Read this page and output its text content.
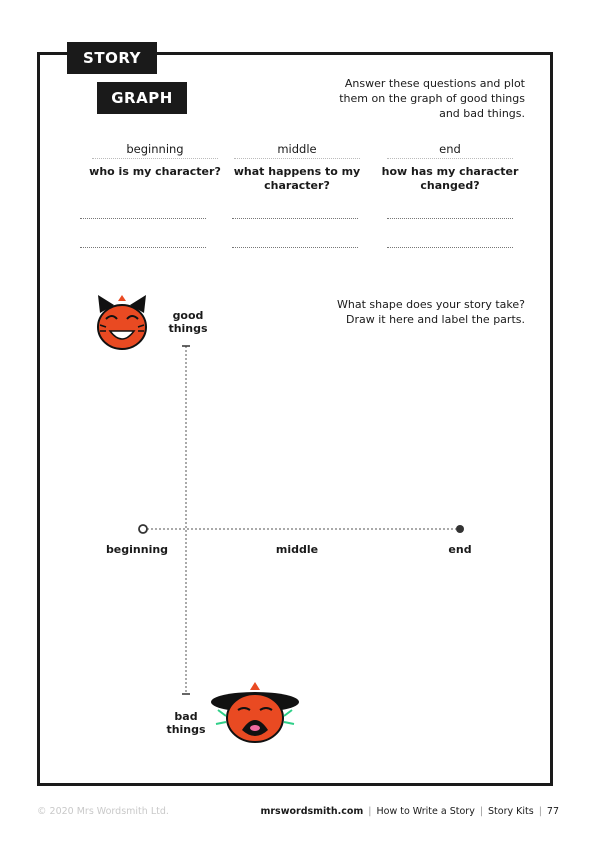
STORY
GRAPH
Answer these questions and plot them on the graph of good things and bad things.
beginning
who is my character?
middle
what happens to my character?
end
how has my character changed?
What shape does your story take? Draw it here and label the parts.
good things
beginning	middle	end
bad things
© 2020 Mrs Wordsmith Ltd.	mrswordsmith.com | How to Write a Story | Story Kits | 77
